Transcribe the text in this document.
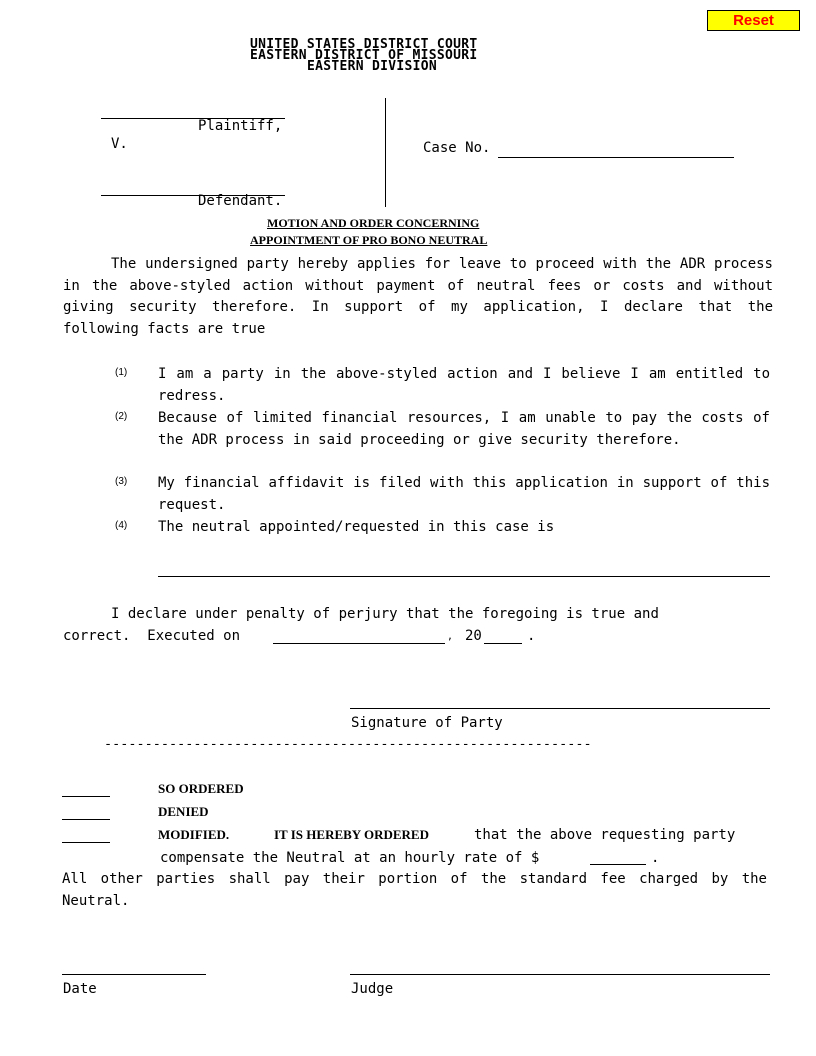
Reset
UNITED STATES DISTRICT COURT
EASTERN DISTRICT OF MISSOURI
EASTERN DIVISION
Plaintiff,
V.
Defendant.
Case No.
MOTION AND ORDER CONCERNING
APPOINTMENT OF PRO BONO NEUTRAL
The undersigned party hereby applies for leave to proceed with the ADR process in the above-styled action without payment of neutral fees or costs and without giving security therefore. In support of my application, I declare that the following facts are true
(1) I am a party in the above-styled action and I believe I am entitled to redress.
(2) Because of limited financial resources, I am unable to pay the costs of the ADR process in said proceeding or give security therefore.
(3) My financial affidavit is filed with this application in support of this request.
(4) The neutral appointed/requested in this case is
I declare under penalty of perjury that the foregoing is true and
correct.  Executed on	, 20	.
Signature of Party
------------------------------------------------------------
SO ORDERED
DENIED
MODIFIED.	IT IS HEREBY ORDERED	that the above requesting party
compensate the Neutral at an hourly rate of $	.
All other parties shall pay their portion of the standard fee charged by the Neutral.
Date	Judge
